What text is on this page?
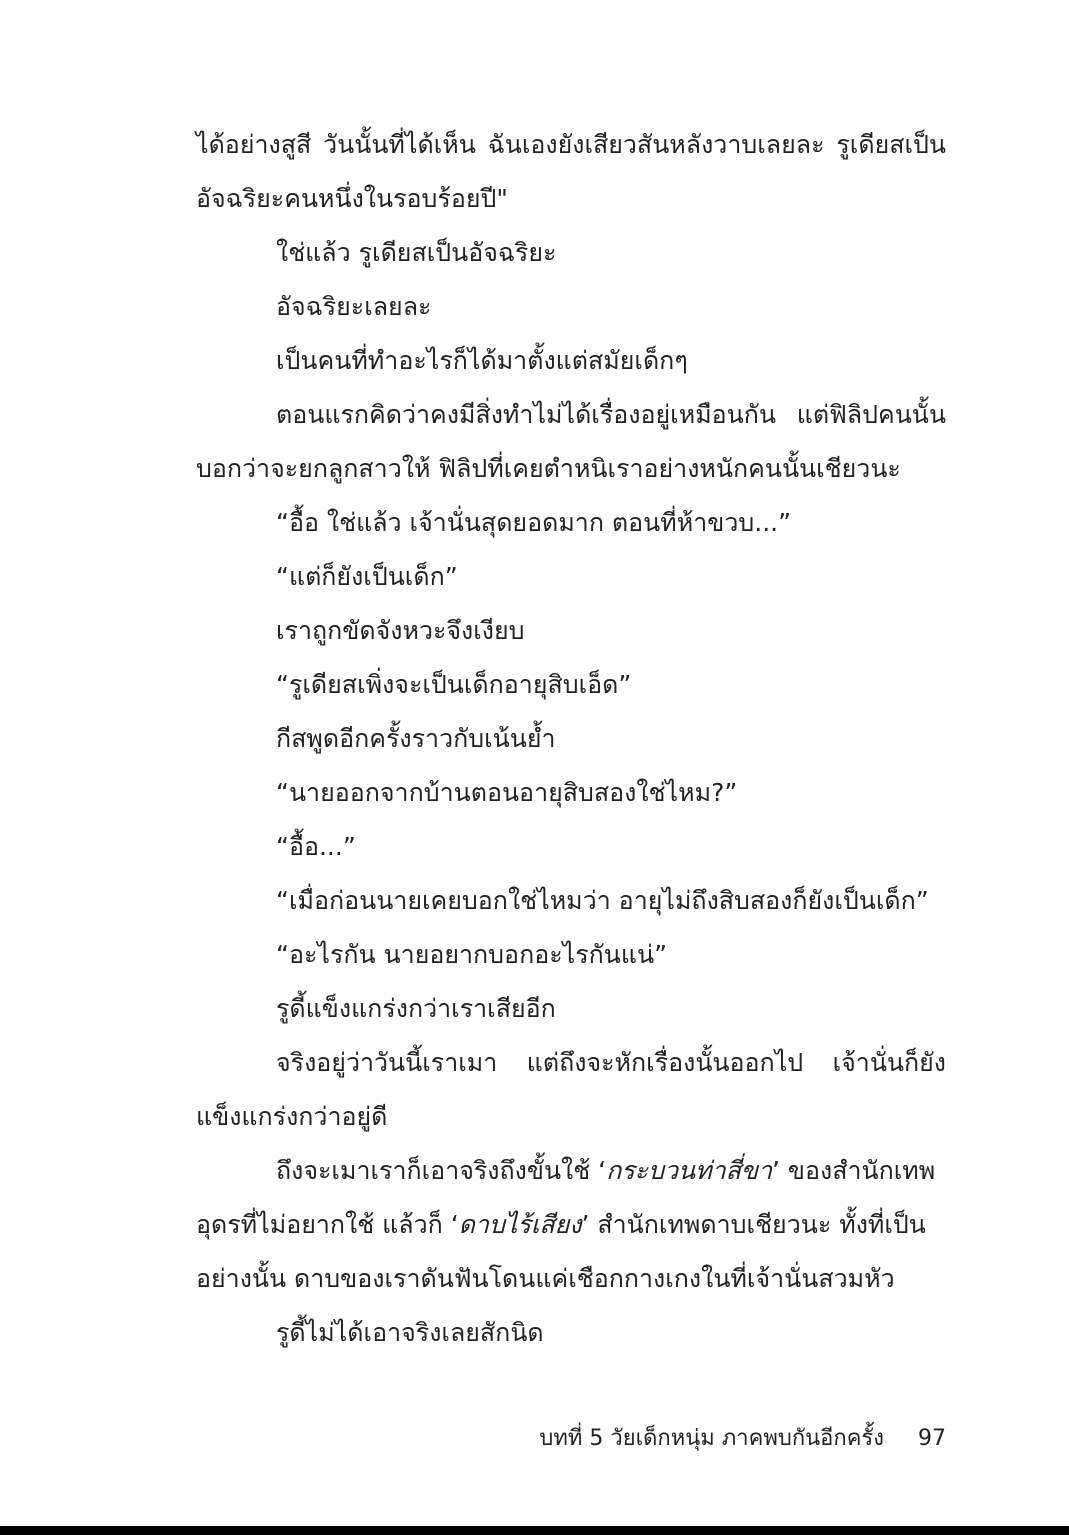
ได้อย่างสูสี วันนั้นที่ได้เห็น ฉันเองยังเสียวสันหลังวาบเลยละ รูเดียสเป็น
อัจฉริยะคนหนึ่งในรอบร้อยปี"
ใช่แล้ว รูเดียสเป็นอัจฉริยะ
อัจฉริยะเลยละ
เป็นคนที่ทำอะไรก็ได้มาตั้งแต่สมัยเด็กๆ
ตอนแรกคิดว่าคงมีสิ่งทำไม่ได้เรื่องอยู่เหมือนกัน แต่ฟิลิปคนนั้น
บอกว่าจะยกลูกสาวให้ ฟิลิปที่เคยตำหนิเราอย่างหนักคนนั้นเชียวนะ
“อื้อ ใช่แล้ว เจ้านั่นสุดยอดมาก ตอนที่ห้าขวบ...”
“แต่ก็ยังเป็นเด็ก”
เราถูกขัดจังหวะจึงเงียบ
“รูเดียสเพิ่งจะเป็นเด็กอายุสิบเอ็ด”
กีสพูดอีกครั้งราวกับเน้นย้ำ
“นายออกจากบ้านตอนอายุสิบสองใช่ไหม?”
“อื้อ...”
“เมื่อก่อนนายเคยบอกใช่ไหมว่า อายุไม่ถึงสิบสองก็ยังเป็นเด็ก”
“อะไรกัน นายอยากบอกอะไรกันแน่”
รูดี้แข็งแกร่งกว่าเราเสียอีก
จริงอยู่ว่าวันนี้เราเมา แต่ถึงจะหักเรื่องนั้นออกไป เจ้านั่นก็ยัง
แข็งแกร่งกว่าอยู่ดี
ถึงจะเมาเราก็เอาจริงถึงขั้นใช้ ‘กระบวนท่าสี่ขา’ ของสำนักเทพ
อุดรที่ไม่อยากใช้ แล้วก็ ‘ดาบไร้เสียง’ สำนักเทพดาบเชียวนะ ทั้งที่เป็น
อย่างนั้น ดาบของเราดันฟันโดนแค่เชือกกางเกงในที่เจ้านั่นสวมหัว
รูดี้ไม่ได้เอาจริงเลยสักนิด
บทที่ 5 วัยเด็กหนุ่ม ภาคพบกันอีกครั้ง 97
